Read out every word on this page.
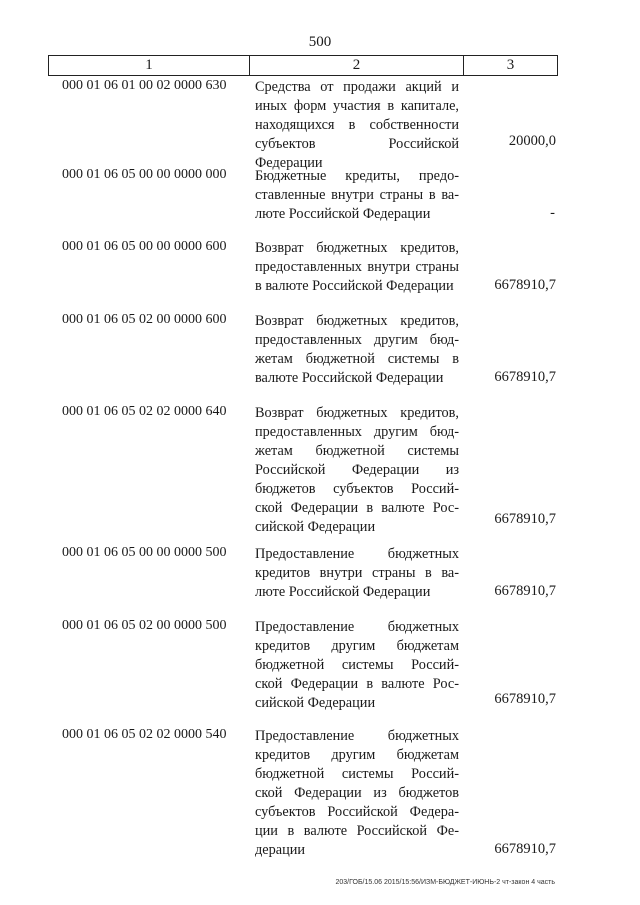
500
1	2	3
000 01 06 01 00 02 0000 630 Средства от продажи акций и
иных форм участия в капитале,
находящихся в собственности
субъектов Российской Федерации
20000,0
000 01 06 05 00 00 0000 000 Бюджетные кредиты, предо-
ставленные внутри страны в ва-
люте Российской Федерации	-
000 01 06 05 00 00 0000 600 Возврат бюджетных кредитов,
предоставленных внутри страны
в валюте Российской Федерации	6678910,7
000 01 06 05 02 00 0000 600 Возврат бюджетных кредитов,
предоставленных другим бюд-
жетам бюджетной системы в
валюте Российской Федерации	6678910,7
000 01 06 05 02 02 0000 640 Возврат бюджетных кредитов,
предоставленных другим бюд-
жетам бюджетной системы
Российской Федерации из
бюджетов субъектов Россий-
ской Федерации в валюте Рос-
сийской Федерации	6678910,7
000 01 06 05 00 00 0000 500 Предоставление бюджетных
кредитов внутри страны в ва-
люте Российской Федерации	6678910,7
000 01 06 05 02 00 0000 500 Предоставление бюджетных
кредитов другим бюджетам
бюджетной системы Россий-
ской Федерации в валюте Рос-
сийской Федерации	6678910,7
000 01 06 05 02 02 0000 540 Предоставление бюджетных
кредитов другим бюджетам
бюджетной системы Россий-
ской Федерации из бюджетов
субъектов Российской Федера-
ции в валюте Российской Фе-
дерации	6678910,7
203/ГОБ/15.06 2015/15:56/ИЗМ-БЮДЖЕТ-ИЮНЬ-2 чт-закон 4 часть
